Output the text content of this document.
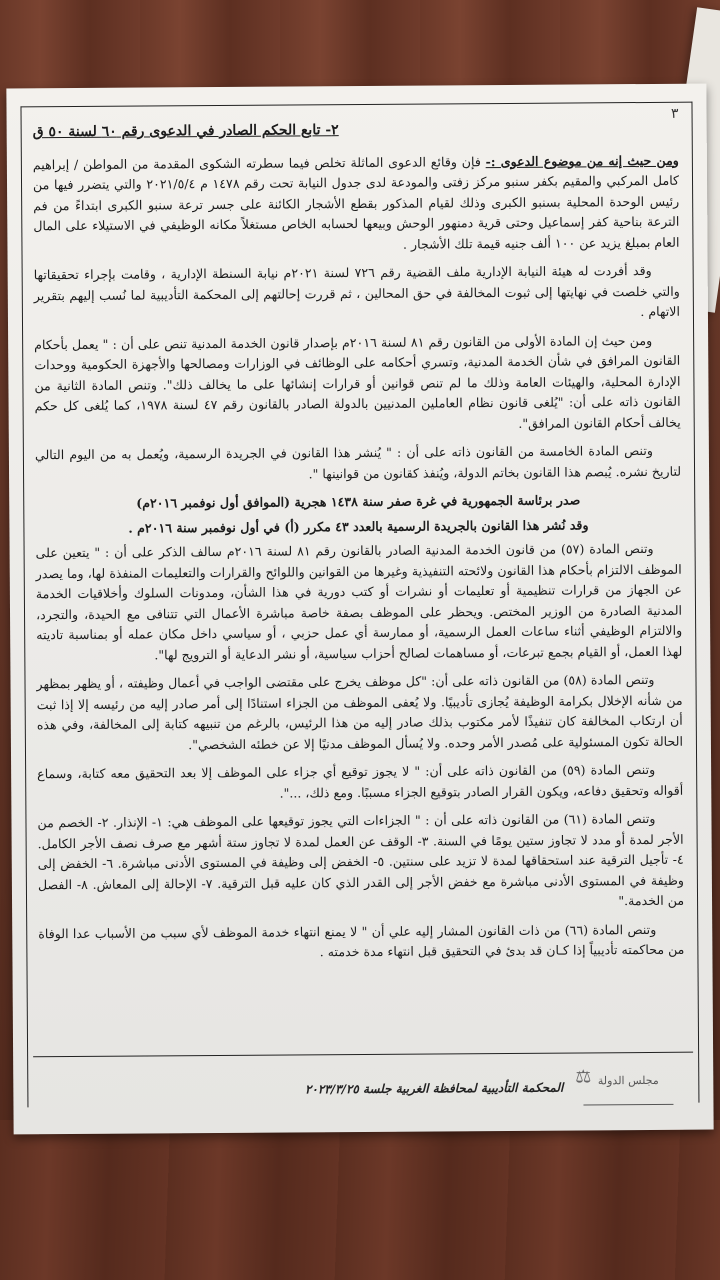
٣
٢- تابع الحكم الصادر في الدعوى رقم ٦٠ لسنة ٥٠ ق

ومن حيث إنه من موضوع الدعوى :- فإن وقائع الدعوى الماثلة تخلص فيما سطرته الشكوى المقدمة من المواطن / إبراهيم كامل المركبي والمقيم بكفر سنبو مركز زفتى والمودعة لدى جدول النيابة تحت رقم ١٤٧٨ م ٢٠٢١/٥/٤ والتي يتضرر فيها من رئيس الوحدة المحلية بسنبو الكبرى وذلك لقيام المذكور بقطع الأشجار الكائنة على جسر ترعة سنبو الكبرى ابتداءً من فم الترعة بناحية كفر إسماعيل وحتى قرية دمنهور الوحش وبيعها لحسابه الخاص مستغلاً مكانه الوظيفي في الاستيلاء على المال العام بمبلغ يزيد عن ١٠٠ ألف جنيه قيمة تلك الأشجار .

وقد أفردت له هيئة النيابة الإدارية ملف القضية رقم ٧٢٦ لسنة ٢٠٢١م نيابة السنطة الإدارية ، وقامت بإجراء تحقيقاتها والتي خلصت في نهايتها إلى ثبوت المخالفة في حق المحالين ، ثم قررت إحالتهم إلى المحكمة التأديبية لما نُسب إليهم بتقرير الاتهام .

ومن حيث إن المادة الأولى من القانون رقم ٨١ لسنة ٢٠١٦م بإصدار قانون الخدمة المدنية تنص على أن : " يعمل بأحكام القانون المرافق في شأن الخدمة المدنية، وتسري أحكامه على الوظائف في الوزارات ومصالحها والأجهزة الحكومية ووحدات الإدارة المحلية، والهيئات العامة وذلك ما لم تنص قوانين أو قرارات إنشائها على ما يخالف ذلك". وتنص المادة الثانية من القانون ذاته على أن: "يُلغى قانون نظام العاملين المدنيين بالدولة الصادر بالقانون رقم ٤٧ لسنة ١٩٧٨، كما يُلغى كل حكم يخالف أحكام القانون المرافق".

وتنص المادة الخامسة من القانون ذاته على أن : " يُنشر هذا القانون في الجريدة الرسمية، ويُعمل به من اليوم التالي لتاريخ نشره. يُبصم هذا القانون بخاتم الدولة، ويُنفذ كقانون من قوانينها ".

صدر برئاسة الجمهورية في غرة صفر سنة ١٤٣٨ هجرية (الموافق أول نوفمبر ٢٠١٦م)

وقد نُشر هذا القانون بالجريدة الرسمية بالعدد ٤٣ مكرر (أ) في أول نوفمبر سنة ٢٠١٦م .

وتنص المادة (٥٧) من قانون الخدمة المدنية الصادر بالقانون رقم ٨١ لسنة ٢٠١٦م سالف الذكر على أن : " يتعين على الموظف الالتزام بأحكام هذا القانون ولائحته التنفيذية وغيرها من القوانين واللوائح والقرارات والتعليمات المنفذة لها، وما يصدر عن الجهاز من قرارات تنظيمية أو تعليمات أو نشرات أو كتب دورية في هذا الشأن، ومدونات السلوك وأخلاقيات الخدمة المدنية الصادرة من الوزير المختص. ويحظر على الموظف بصفة خاصة مباشرة الأعمال التي تتنافى مع الحيدة، والتجرد، والالتزام الوظيفي أثناء ساعات العمل الرسمية، أو ممارسة أي عمل حزبي ، أو سياسي داخل مكان عمله أو بمناسبة تاديته لهذا العمل، أو القيام بجمع تبرعات، أو مساهمات لصالح أحزاب سياسية، أو نشر الدعاية أو الترويج لها".

وتنص المادة (٥٨) من القانون ذاته على أن: "كل موظف يخرج على مقتضى الواجب في أعمال وظيفته ، أو يظهر بمظهر من شأنه الإخلال بكرامة الوظيفة يُجازى تأديبيًا. ولا يُعفى الموظف من الجزاء استنادًا إلى أمر صادر إليه من رئيسه إلا إذا ثبت أن ارتكاب المخالفة كان تنفيذًا لأمر مكتوب بذلك صادر إليه من هذا الرئيس، بالرغم من تنبيهه كتابة إلى المخالفة، وفي هذه الحالة تكون المسئولية على مُصدر الأمر وحده. ولا يُسأل الموظف مدنيًا إلا عن خطئه الشخصي".

وتنص المادة (٥٩) من القانون ذاته على أن: " لا يجوز توقيع أي جزاء على الموظف إلا بعد التحقيق معه كتابة، وسماع أقواله وتحقيق دفاعه، ويكون القرار الصادر بتوقيع الجزاء مسببًا. ومع ذلك، ...".

وتنص المادة (٦١) من القانون ذاته على أن : " الجزاءات التي يجوز توقيعها على الموظف هي: ١- الإنذار. ٢- الخصم من الأجر لمدة أو مدد لا تجاوز ستين يومًا في السنة. ٣- الوقف عن العمل لمدة لا تجاوز ستة أشهر مع صرف نصف الأجر الكامل. ٤- تأجيل الترقية عند استحقاقها لمدة لا تزيد على سنتين. ٥- الخفض إلى وظيفة في المستوى الأدنى مباشرة. ٦- الخفض إلى وظيفة في المستوى الأدنى مباشرة مع خفض الأجر إلى القدر الذي كان عليه قبل الترقية. ٧- الإحالة إلى المعاش. ٨- الفصل من الخدمة."

وتنص المادة (٦٦) من ذات القانون المشار إليه علي أن " لا يمنع انتهاء خدمة الموظف لأي سبب من الأسباب عدا الوفاة من محاكمته تأديبياً إذا كـان قد بدئ في التحقيق قبل انتهاء مدة خدمته .

المحكمة التأديبية لمحافظة الغربية جلسة ٢٠٢٣/٣/٢٥
⚖ مجلس الدولة
